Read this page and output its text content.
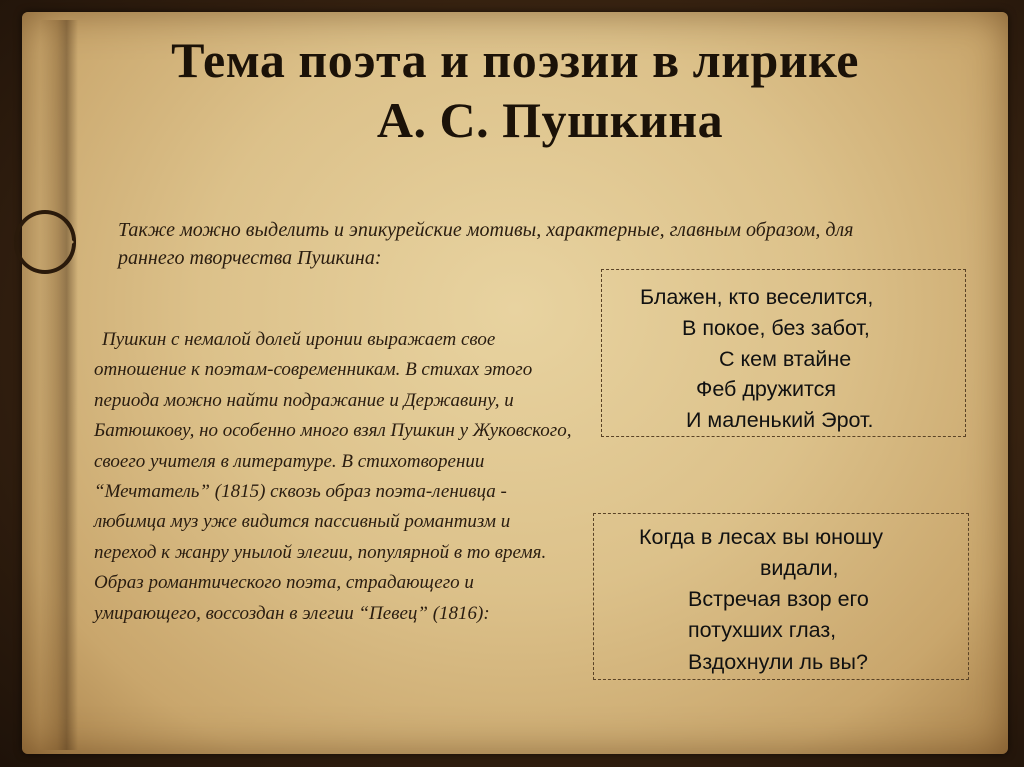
Тема поэта и поэзии в лирике

А. С. Пушкина
Также можно выделить и эпикурейские мотивы, характерные, главным образом, для раннего творчества Пушкина:
Пушкин с немалой долей иронии выражает свое отношение к поэтам-современникам. В стихах этого периода можно найти подражание и Державину, и Батюшкову, но особенно много взял Пушкин у Жуковского, своего учителя в литературе. В стихотворении “Мечтатель” (1815) сквозь образ поэта-ленивца - любимца муз уже видится пассивный романтизм и переход к жанру унылой элегии, популярной в то время. Образ романтического поэта, страдающего и умирающего, воссоздан в элегии “Певец” (1816):
Блажен, кто веселится,
В покое, без забот,
С кем втайне
Феб дружится
И маленький Эрот.
Когда в лесах вы юношу
видали,
Встречая взор его
потухших глаз,
Вздохнули ль вы?
